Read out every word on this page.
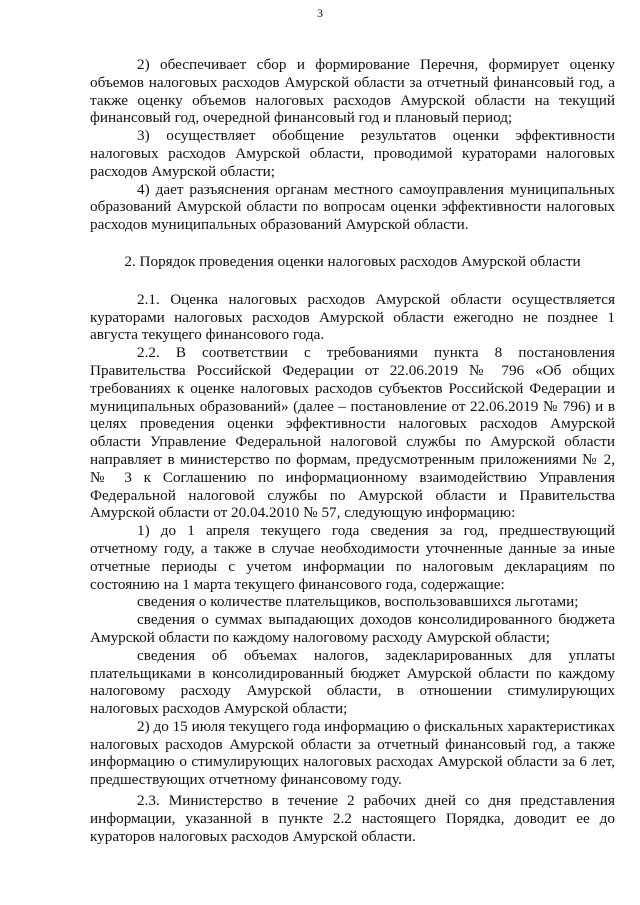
3

2) обеспечивает сбор и формирование Перечня, формирует оценку объемов налоговых расходов Амурской области за отчетный финансовый год, а также оценку объемов налоговых расходов Амурской области на текущий финансовый год, очередной финансовый год и плановый период;

3) осуществляет обобщение результатов оценки эффективности налоговых расходов Амурской области, проводимой кураторами налоговых расходов Амурской области;

4) дает разъяснения органам местного самоуправления муниципальных образований Амурской области по вопросам оценки эффективности налоговых расходов муниципальных образований Амурской области.

2. Порядок проведения оценки налоговых расходов Амурской области

2.1. Оценка налоговых расходов Амурской области осуществляется кураторами налоговых расходов Амурской области ежегодно не позднее 1 августа текущего финансового года.

2.2. В соответствии с требованиями пункта 8 постановления Правительства Российской Федерации от 22.06.2019 № 796 «Об общих требованиях к оценке налоговых расходов субъектов Российской Федерации и муниципальных образований» (далее – постановление от 22.06.2019 № 796) и в целях проведения оценки эффективности налоговых расходов Амурской области Управление Федеральной налоговой службы по Амурской области направляет в министерство по формам, предусмотренным приложениями № 2, № 3 к Соглашению по информационному взаимодействию Управления Федеральной налоговой службы по Амурской области и Правительства Амурской области от 20.04.2010 № 57, следующую информацию:

1) до 1 апреля текущего года сведения за год, предшествующий отчетному году, а также в случае необходимости уточненные данные за иные отчетные периоды с учетом информации по налоговым декларациям по состоянию на 1 марта текущего финансового года, содержащие:

сведения о количестве плательщиков, воспользовавшихся льготами;

сведения о суммах выпадающих доходов консолидированного бюджета Амурской области по каждому налоговому расходу Амурской области;

сведения об объемах налогов, задекларированных для уплаты плательщиками в консолидированный бюджет Амурской области по каждому налоговому расходу Амурской области, в отношении стимулирующих налоговых расходов Амурской области;

2) до 15 июля текущего года информацию о фискальных характеристиках налоговых расходов Амурской области за отчетный финансовый год, а также информацию о стимулирующих налоговых расходах Амурской области за 6 лет, предшествующих отчетному финансовому году.

2.3. Министерство в течение 2 рабочих дней со дня представления информации, указанной в пункте 2.2 настоящего Порядка, доводит ее до кураторов налоговых расходов Амурской области.
